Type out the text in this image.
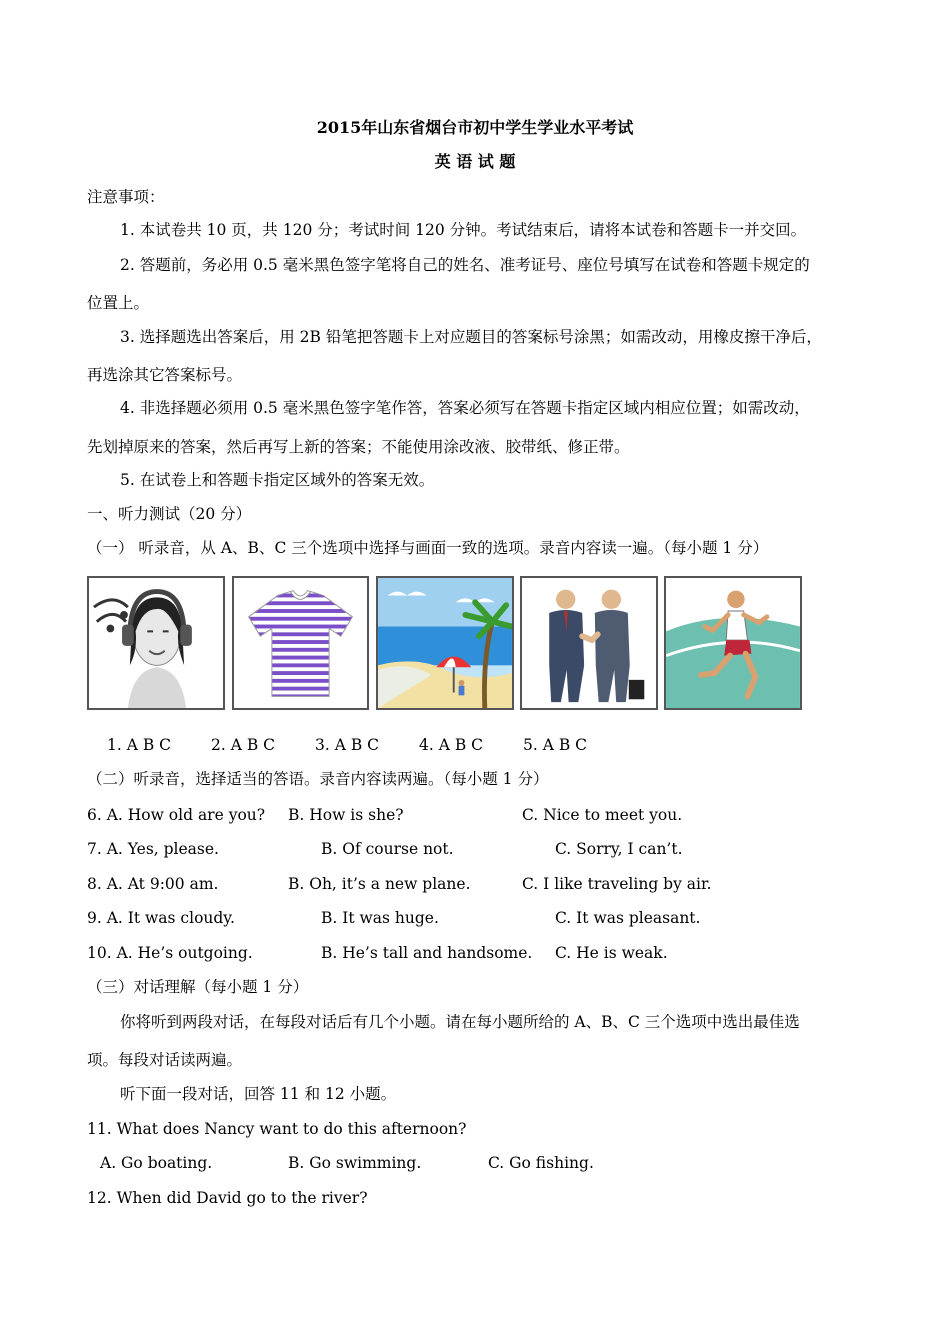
2015年山东省烟台市初中学生学业水平考试
英 语 试 题
注意事项：
1. 本试卷共 10 页，共 120 分；考试时间 120 分钟。考试结束后，请将本试卷和答题卡一并交回。
2. 答题前，务必用 0.5 毫米黑色签字笔将自己的姓名、准考证号、座位号填写在试卷和答题卡规定的
位置上。
3. 选择题选出答案后，用 2B 铅笔把答题卡上对应题目的答案标号涂黑；如需改动，用橡皮擦干净后，
再选涂其它答案标号。
4. 非选择题必须用 0.5 毫米黑色签字笔作答，答案必须写在答题卡指定区域内相应位置；如需改动，
先划掉原来的答案，然后再写上新的答案；不能使用涂改液、胶带纸、修正带。
5. 在试卷上和答题卡指定区域外的答案无效。
一、听力测试（20 分）
（一） 听录音，从 A、B、C 三个选项中选择与画面一致的选项。录音内容读一遍。（每小题 1 分）
1. A B C	2. A B C	3. A B C	4. A B C	5. A B C
（二）听录音，选择适当的答语。录音内容读两遍。（每小题 1 分）
6. A. How old are you? B. How is she?	C. Nice to meet you.
7. A. Yes, please.	B. Of course not.	C. Sorry, I can’t.
8. A. At 9:00 am.	B. Oh, it’s a new plane.	C. I like traveling by air.
9. A. It was cloudy.	B. It was huge.	C. It was pleasant.
10. A. He’s outgoing.	B. He’s tall and handsome. C. He is weak.
（三）对话理解（每小题 1 分）
你将听到两段对话，在每段对话后有几个小题。请在每小题所给的 A、B、C 三个选项中选出最佳选
项。每段对话读两遍。
听下面一段对话，回答 11 和 12 小题。
11. What does Nancy want to do this afternoon?
A. Go boating.	B. Go swimming.	C. Go fishing.
12. When did David go to the river?
